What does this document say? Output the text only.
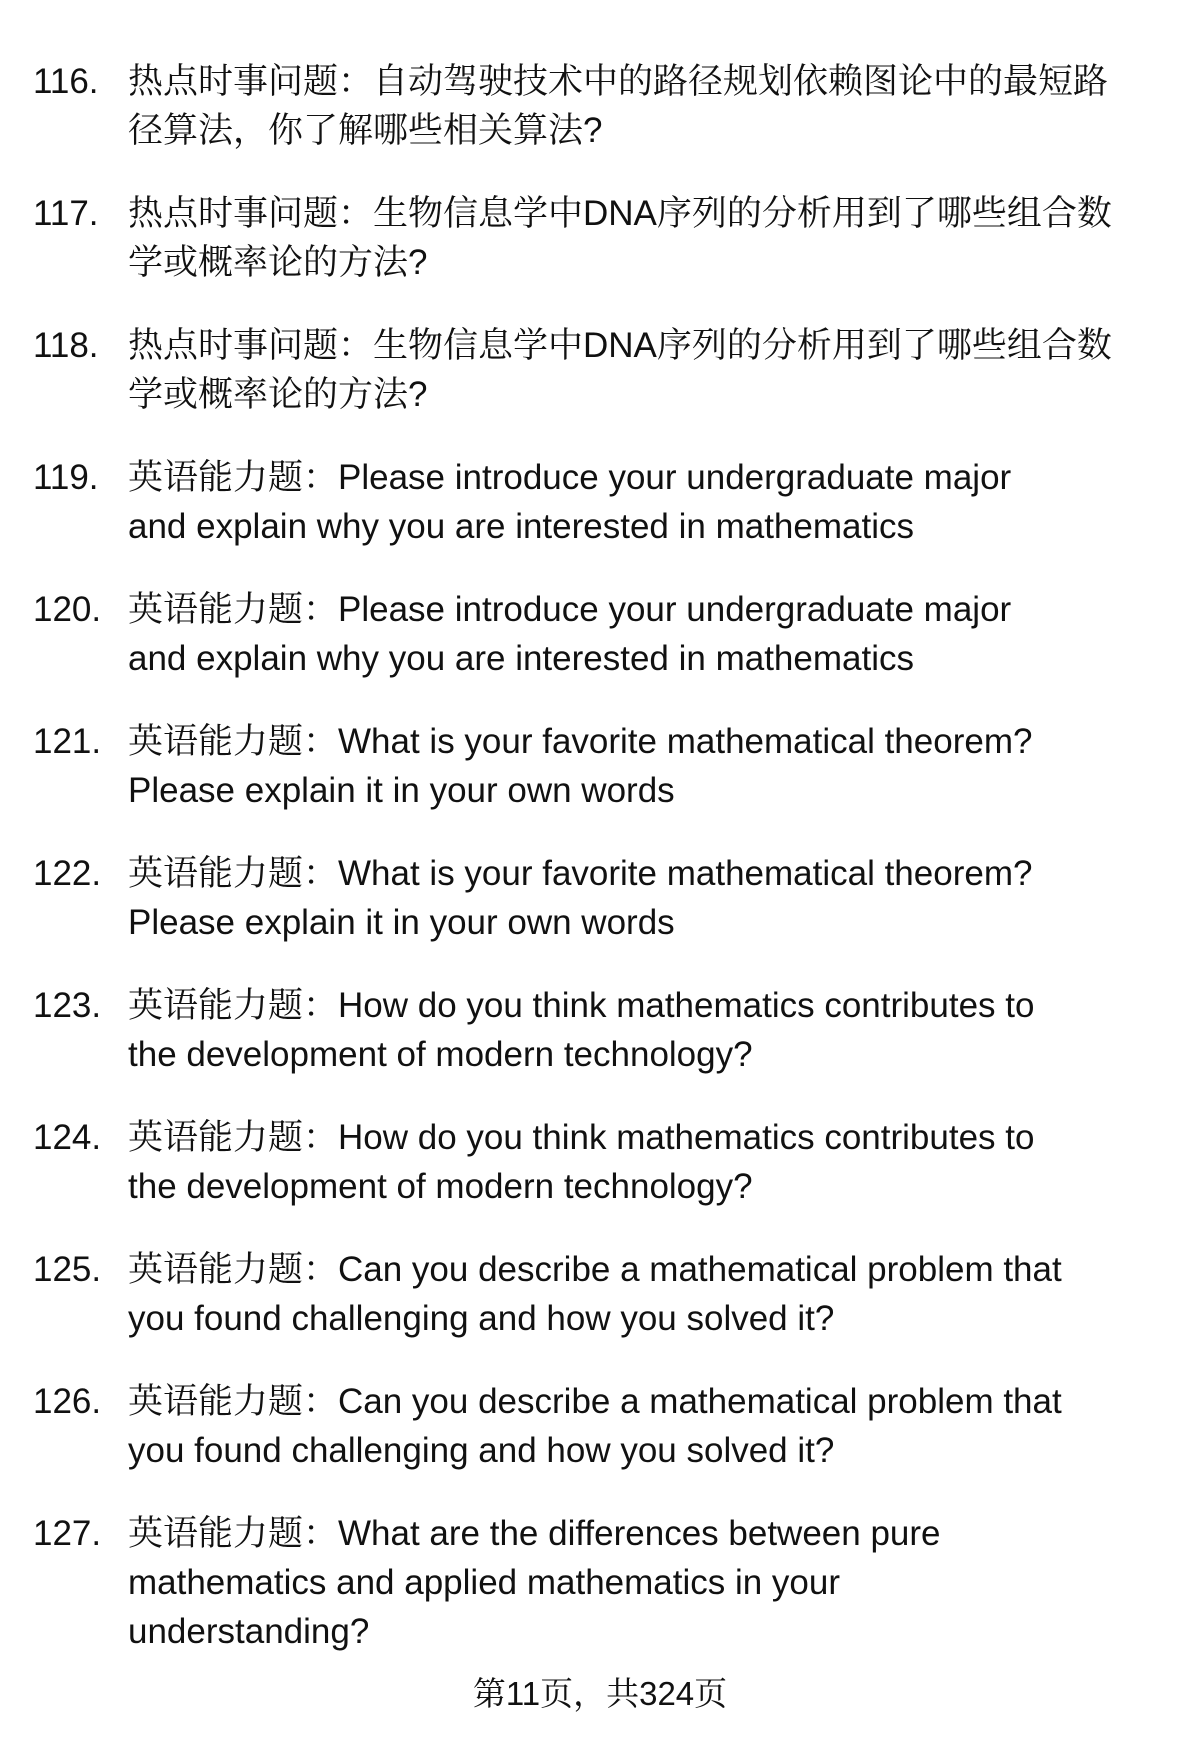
116. 热点时事问题：自动驾驶技术中的路径规划依赖图论中的最短路
径算法，你了解哪些相关算法?
117. 热点时事问题：生物信息学中DNA序列的分析用到了哪些组合数
学或概率论的方法?
118. 热点时事问题：生物信息学中DNA序列的分析用到了哪些组合数
学或概率论的方法?
119. 英语能力题：Please introduce your undergraduate major
and explain why you are interested in mathematics
120. 英语能力题：Please introduce your undergraduate major
and explain why you are interested in mathematics
121. 英语能力题：What is your favorite mathematical theorem?
Please explain it in your own words
122. 英语能力题：What is your favorite mathematical theorem?
Please explain it in your own words
123. 英语能力题：How do you think mathematics contributes to
the development of modern technology?
124. 英语能力题：How do you think mathematics contributes to
the development of modern technology?
125. 英语能力题：Can you describe a mathematical problem that
you found challenging and how you solved it?
126. 英语能力题：Can you describe a mathematical problem that
you found challenging and how you solved it?
127. 英语能力题：What are the differences between pure
mathematics and applied mathematics in your
understanding?
第11页，共324页
